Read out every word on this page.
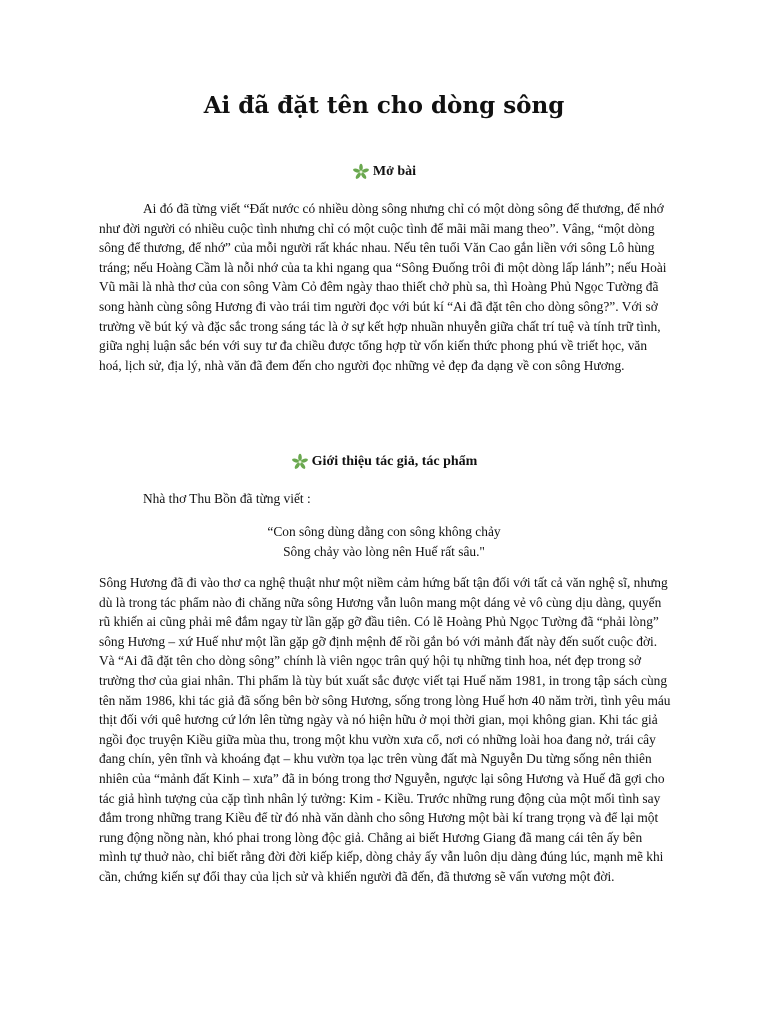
Ai đã đặt tên cho dòng sông
Mở bài

Ai đó đã từng viết “Đất nước có nhiều dòng sông nhưng chỉ có một dòng sông để thương, để nhớ như đời người có nhiều cuộc tình nhưng chỉ có một cuộc tình để mãi mãi mang theo”. Vâng, “một dòng sông để thương, để nhớ” của mỗi người rất khác nhau. Nếu tên tuổi Văn Cao gắn liền với sông Lô hùng tráng; nếu Hoàng Cầm là nỗi nhớ của ta khi ngang qua “Sông Đuống trôi đi một dòng lấp lánh”; nếu Hoài Vũ mãi là nhà thơ của con sông Vàm Cỏ đêm ngày thao thiết chở phù sa, thì Hoàng Phủ Ngọc Tường đã song hành cùng sông Hương đi vào trái tim người đọc với bút kí “Ai đã đặt tên cho dòng sông?”. Với sở trường về bút ký và đặc sắc trong sáng tác là ở sự kết hợp nhuần nhuyễn giữa chất trí tuệ và tính trữ tình, giữa nghị luận sắc bén với suy tư đa chiều được tổng hợp từ vốn kiến thức phong phú về triết học, văn hoá, lịch sử, địa lý, nhà văn đã đem đến cho người đọc những vẻ đẹp đa dạng về con sông Hương.

Giới thiệu tác giả, tác phẩm

Nhà thơ Thu Bồn đã từng viết :

“Con sông dùng dằng con sông không chảy
Sông chảy vào lòng nên Huế rất sâu."

Sông Hương đã đi vào thơ ca nghệ thuật như một niềm cảm hứng bất tận đối với tất cả văn nghệ sĩ, nhưng dù là trong tác phẩm nào đi chăng nữa sông Hương vẫn luôn mang một dáng vẻ vô cùng dịu dàng, quyến rũ khiến ai cũng phải mê đắm ngay từ lần gặp gỡ đầu tiên. Có lẽ Hoàng Phủ Ngọc Tường đã “phải lòng” sông Hương – xứ Huế như một lần gặp gỡ định mệnh để rồi gắn bó với mảnh đất này đến suốt cuộc đời. Và “Ai đã đặt tên cho dòng sông” chính là viên ngọc trân quý hội tụ những tinh hoa, nét đẹp trong sở trường thơ của giai nhân. Thi phẩm là tùy bút xuất sắc được viết tại Huế năm 1981, in trong tập sách cùng tên năm 1986, khi tác giả đã sống bên bờ sông Hương, sống trong lòng Huế hơn 40 năm trời, tình yêu máu thịt đối với quê hương cứ lớn lên từng ngày và nó hiện hữu ở mọi thời gian, mọi không gian. Khi tác giả ngồi đọc truyện Kiều giữa mùa thu, trong một khu vườn xưa cổ, nơi có những loài hoa đang nở, trái cây đang chín, yên tĩnh và khoáng đạt – khu vườn tọa lạc trên vùng đất mà Nguyễn Du từng sống nên thiên nhiên của “mảnh đất Kinh – xưa” đã in bóng trong thơ Nguyễn, ngược lại sông Hương và Huế đã gợi cho tác giả hình tượng của cặp tình nhân lý tưởng: Kim - Kiều. Trước những rung động của một mối tình say đắm trong những trang Kiều để từ đó nhà văn dành cho sông Hương một bài kí trang trọng và để lại một rung động nồng nàn, khó phai trong lòng độc giả. Chẳng ai biết Hương Giang đã mang cái tên ấy bên mình tự thuở nào, chỉ biết rằng đời đời kiếp kiếp, dòng chảy ấy vẫn luôn dịu dàng đúng lúc, mạnh mẽ khi cần, chứng kiến sự đổi thay của lịch sử và khiến người đã đến, đã thương sẽ vấn vương một đời.
